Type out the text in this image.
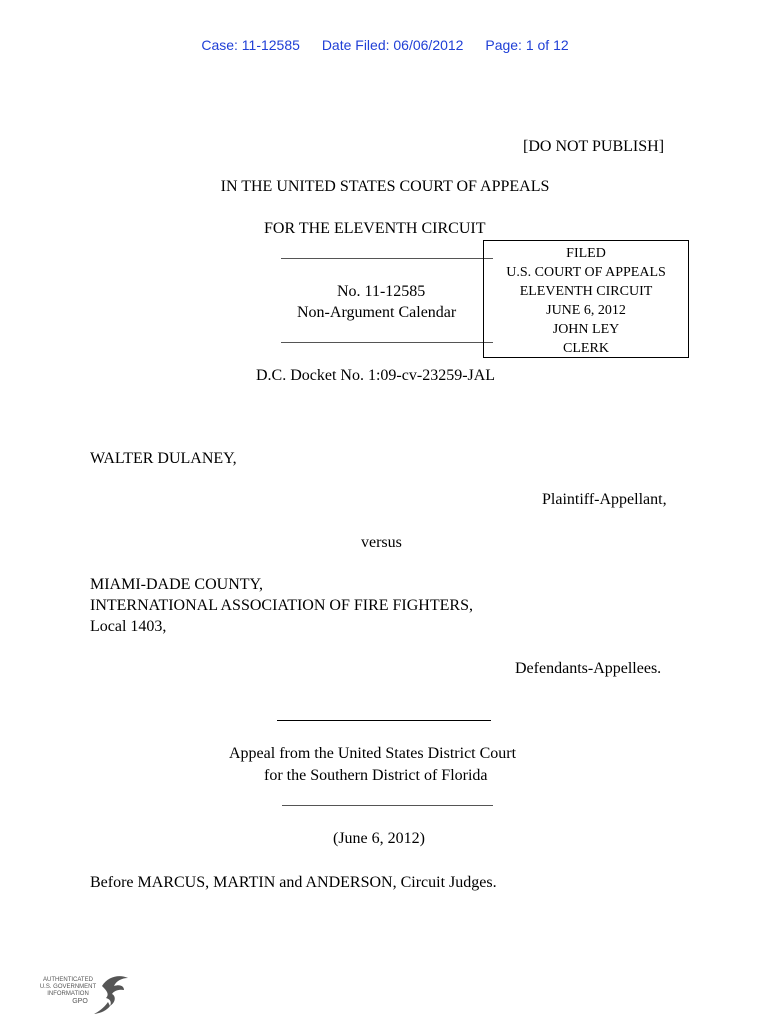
Case: 11-12585 Date Filed: 06/06/2012 Page: 1 of 12
[DO NOT PUBLISH]
IN THE UNITED STATES COURT OF APPEALS
FOR THE ELEVENTH CIRCUIT
No. 11-12585
Non-Argument Calendar
FILED
U.S. COURT OF APPEALS
ELEVENTH CIRCUIT
JUNE 6, 2012
JOHN LEY
CLERK
D.C. Docket No. 1:09-cv-23259-JAL
WALTER DULANEY,
Plaintiff-Appellant,
versus
MIAMI-DADE COUNTY,
INTERNATIONAL ASSOCIATION OF FIRE FIGHTERS,
Local 1403,
Defendants-Appellees.
Appeal from the United States District Court
for the Southern District of Florida
(June 6, 2012)
Before MARCUS, MARTIN and ANDERSON, Circuit Judges.
AUTHENTICATED
U.S. GOVERNMENT
INFORMATION
GPO
